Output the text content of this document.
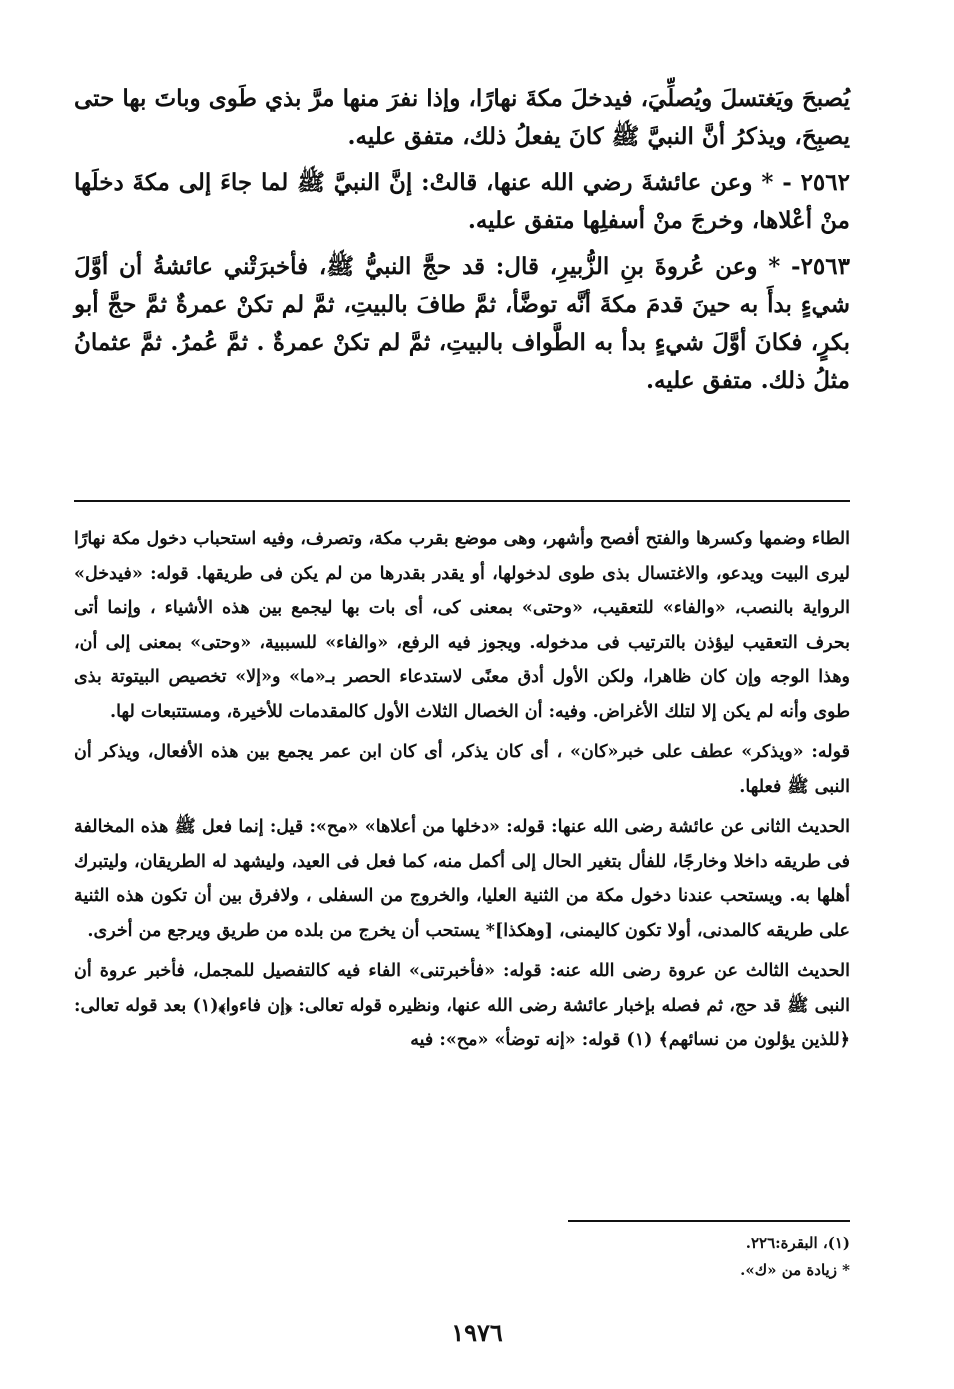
يُصبحَ ويَغتسلَ ويُصلِّيَ، فيدخلَ مكةَ نهارًا، وإذا نفرَ منها مرَّ بذي طَوى وباتَ بها حتى يصبِحَ، ويذكرُ أنَّ النبيَّ ﷺ كانَ يفعلُ ذلك، متفق عليه.

٢٥٦٢ - * وعن عائشةَ رضي الله عنها، قالتْ: إنَّ النبيَّ ﷺ لما جاءَ إلى مكةَ دخلَها منْ أعْلاها، وخرجَ منْ أسفلِها متفق عليه.

٢٥٦٣- * وعن عُروةَ بنِ الزُّبيرِ، قال: قد حجَّ النبيُّ ﷺ، فأخبرَتْني عائشةُ أن أوَّلَ شيءٍ بدأَ به حينَ قدمَ مكةَ أنَّه توضَّأ، ثمَّ طافَ بالبيتِ، ثمَّ لم تكنْ عمرةٌ ثمَّ حجَّ أبو بكرٍ، فكانَ أوَّلَ شيءٍ بدأ به الطَّواف بالبيتِ، ثمَّ لم تكنْ عمرةٌ . ثمَّ عُمرُ. ثمَّ عثمانُ مثلُ ذلك. متفق عليه.

الطاء وضمها وكسرها والفتح أفصح وأشهر، وهى موضع بقرب مكة، وتصرف، وفيه استحباب دخول مكة نهارًا ليرى البيت ويدعو، والاغتسال بذى طوى لدخولها، أو يقدر بقدرها من لم يكن فى طريقها. قوله: «فيدخل» الرواية بالنصب، «والفاء» للتعقيب، «وحتى» بمعنى كى، أى بات بها ليجمع بين هذه الأشياء ، وإنما أتى بحرف التعقيب ليؤذن بالترتيب فى مدخوله. ويجوز فيه الرفع، «والفاء» للسببية، «وحتى» بمعنى إلى أن، وهذا الوجه وإن كان ظاهرا، ولكن الأول أدق معنًى لاستدعاء الحصر بـ«ما» و«إلا» تخصيص البيتوتة بذى طوى وأنه لم يكن إلا لتلك الأغراض. وفيه: أن الخصال الثلاث الأول كالمقدمات للأخيرة، ومستتبعات لها.

قوله: «ويذكر» عطف على خبر«كان» ، أى كان يذكر، أى كان ابن عمر يجمع بين هذه الأفعال، ويذكر أن النبى ﷺ فعلها.

الحديث الثانى عن عائشة رضى الله عنها: قوله: «دخلها من أعلاها» «مح»: قيل: إنما فعل ﷺ هذه المخالفة فى طريقه داخلا وخارجًا، للفأل بتغير الحال إلى أكمل منه، كما فعل فى العيد، وليشهد له الطريقان، وليتبرك أهلها به. ويستحب عندنا دخول مكة من الثنية العليا، والخروج من السفلى ، ولافرق بين أن تكون هذه الثنية على طريقه كالمدنى، أولا تكون كاليمنى، [وهكذا]* يستحب أن يخرج من بلده من طريق ويرجع من أخرى.

الحديث الثالث عن عروة رضى الله عنه: قوله: «فأخبرتنى» الفاء فيه كالتفصيل للمجمل، فأخبر عروة أن النبى ﷺ قد حج، ثم فصله بإخبار عائشة رضى الله عنها، ونظيره قوله تعالى: ﴿إن فاءوا﴾(١) بعد قوله تعالى: ﴿للذين يؤلون من نسائهم﴾ (١) قوله: «إنه توضأ» «مح»: فيه

(١)، البقرة:٢٢٦.

* زيادة من «ك».

١٩٧٦
